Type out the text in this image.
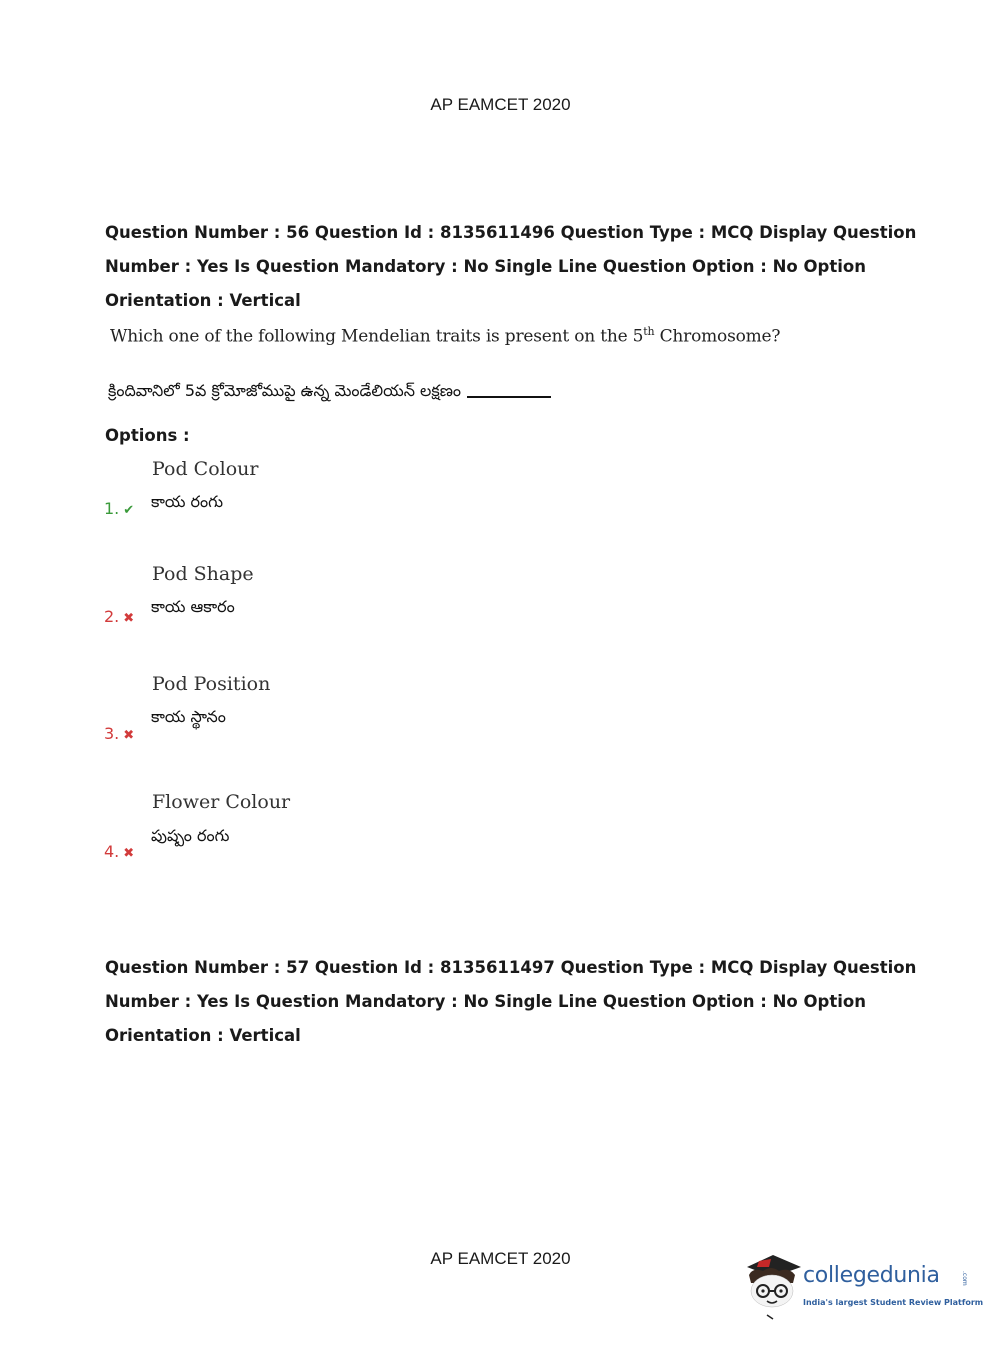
AP EAMCET 2020
Question Number : 56 Question Id : 8135611496 Question Type : MCQ Display Question
Number : Yes Is Question Mandatory : No Single Line Question Option : No Option
Orientation : Vertical
Which one of the following Mendelian traits is present on the 5th Chromosome?
క్రిందివానిలో 5వ క్రోమోజోముపై ఉన్న మెండేలియన్ లక్షణం
Options :
Pod Colour
కాయ రంగు
1. ✔
Pod Shape
కాయ ఆకారం
2. ✖
Pod Position
కాయ స్థానం
3. ✖
Flower Colour
పుష్పం రంగు
4. ✖
Question Number : 57 Question Id : 8135611497 Question Type : MCQ Display Question
Number : Yes Is Question Mandatory : No Single Line Question Option : No Option
Orientation : Vertical
AP EAMCET 2020
collegedunia	.com
India's largest Student Review Platform
